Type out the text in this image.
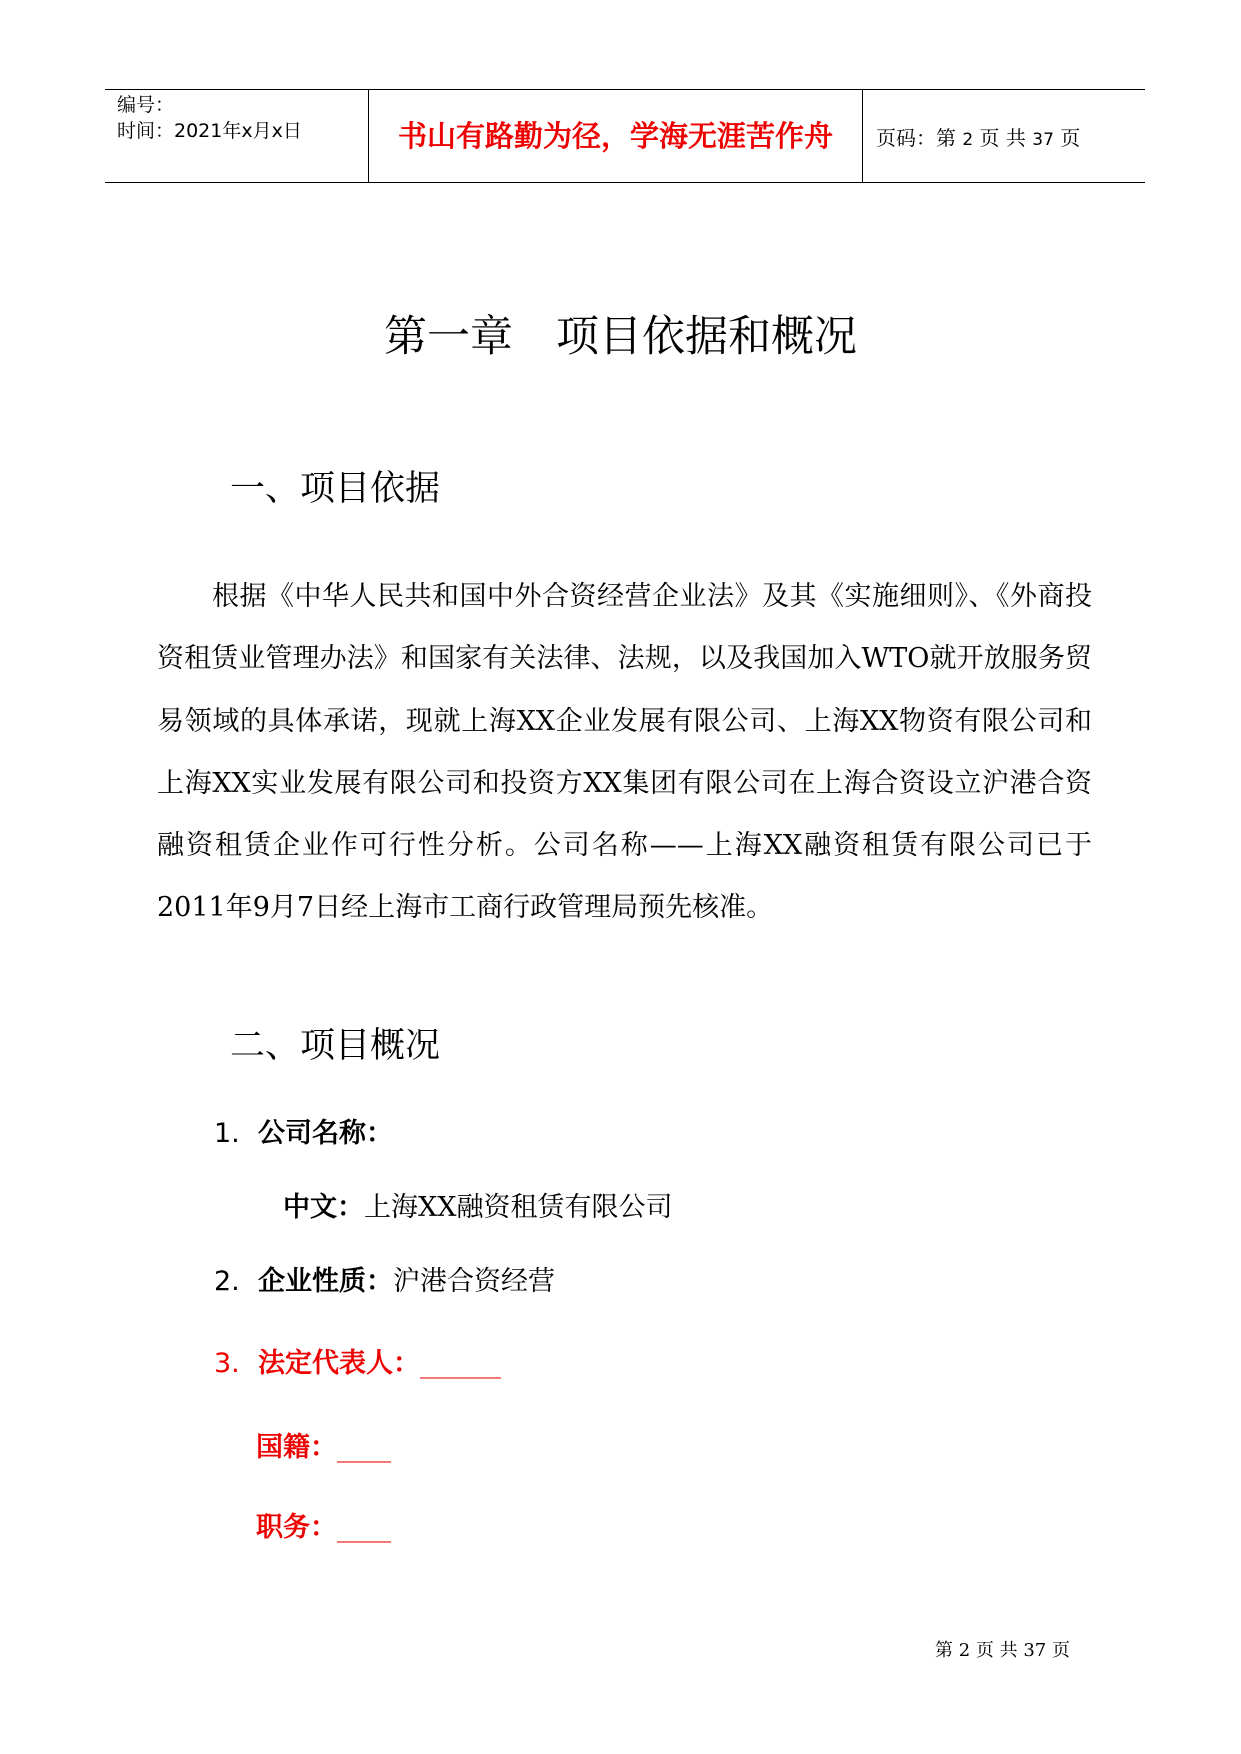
编号：
时间：2021年x月x日	书山有路勤为径，学海无涯苦作舟	页码：第 2 页 共 37 页
第一章　项目依据和概况
一、项目依据
根据《中华人民共和国中外合资经营企业法》及其《实施细则》、《外商投资租赁业管理办法》和国家有关法律、法规，以及我国加入WTO就开放服务贸易领域的具体承诺，现就上海XX企业发展有限公司、上海XX物资有限公司和上海XX实业发展有限公司和投资方XX集团有限公司在上海合资设立沪港合资融资租赁企业作可行性分析。公司名称——上海XX融资租赁有限公司已于2011年9月7日经上海市工商行政管理局预先核准。
二、项目概况
1. 公司名称：
中文：上海XX融资租赁有限公司
2. 企业性质：沪港合资经营
3. 法定代表人：______
国籍：____
职务：____
第 2 页 共 37 页
